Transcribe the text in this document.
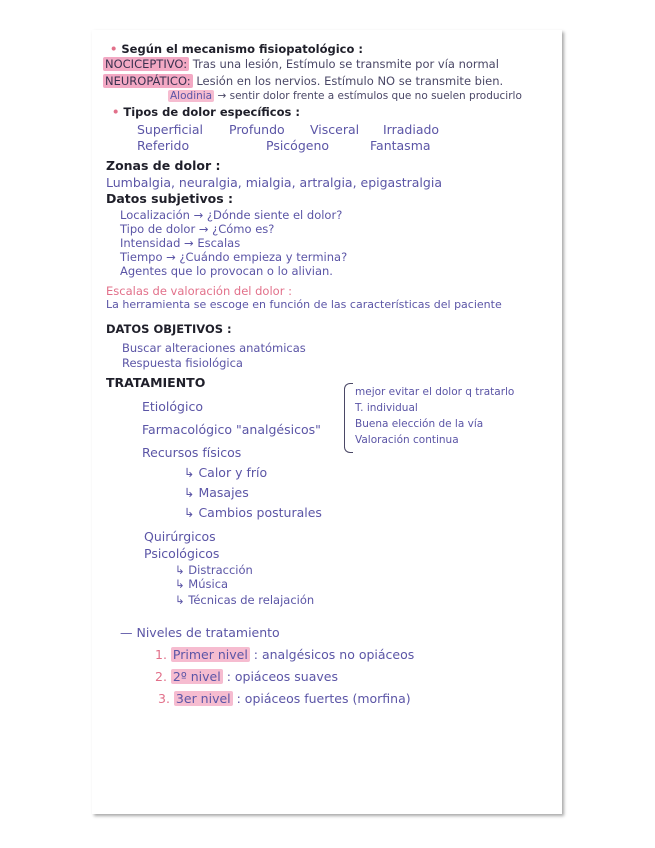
• Según el mecanismo fisiopatológico :
NOCICEPTIVO: Tras una lesión, Estímulo se transmite por vía normal
NEUROPÁTICO: Lesión en los nervios. Estímulo NO se transmite bien.
Alodinia → sentir dolor frente a estímulos que no suelen producirlo
• Tipos de dolor específicos :
Superficial Profundo Visceral Irradiado
Referido	Psicógeno	Fantasma
Zonas de dolor :
Lumbalgia, neuralgia, mialgia, artralgia, epigastralgia
Datos subjetivos :
Localización → ¿Dónde siente el dolor?
Tipo de dolor → ¿Cómo es?
Intensidad → Escalas
Tiempo → ¿Cuándo empieza y termina?
Agentes que lo provocan o lo alivian.
Escalas de valoración del dolor :
La herramienta se escoge en función de las características del paciente
DATOS OBJETIVOS :
Buscar alteraciones anatómicas
Respuesta fisiológica
TRATAMIENTO
Etiológico
Farmacológico "analgésicos"
mejor evitar el dolor q tratarlo
T. individual
Buena elección de la vía
Valoración continua
Recursos físicos
↳ Calor y frío
↳ Masajes
↳ Cambios posturales
Quirúrgicos
Psicológicos
↳ Distracción
↳ Música
↳ Técnicas de relajación
— Niveles de tratamiento
1. Primer nivel : analgésicos no opiáceos
2. 2º nivel : opiáceos suaves
3. 3er nivel : opiáceos fuertes (morfina)
